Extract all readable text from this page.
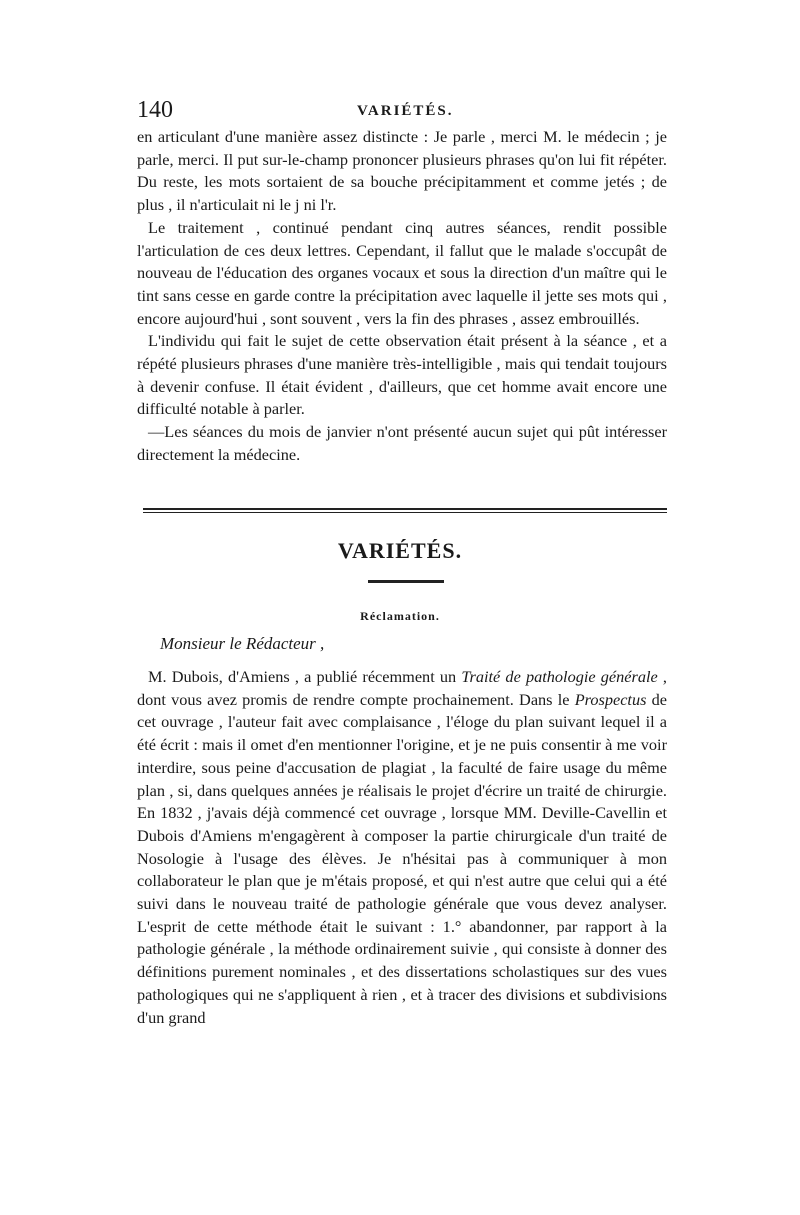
140	VARIÉTÉS.

en articulant d'une manière assez distincte : Je parle , merci M. le médecin ; je parle, merci. Il put sur-le-champ prononcer plusieurs phrases qu'on lui fit répéter. Du reste, les mots sortaient de sa bouche précipitamment et comme jetés ; de plus , il n'articulait ni le j ni l'r.

Le traitement , continué pendant cinq autres séances, rendit possible l'articulation de ces deux lettres. Cependant, il fallut que le malade s'occupât de nouveau de l'éducation des organes vocaux et sous la direction d'un maître qui le tint sans cesse en garde contre la précipitation avec laquelle il jette ses mots qui , encore aujourd'hui , sont souvent , vers la fin des phrases , assez embrouillés.

L'individu qui fait le sujet de cette observation était présent à la séance , et a répété plusieurs phrases d'une manière très-intelligible , mais qui tendait toujours à devenir confuse. Il était évident , d'ailleurs, que cet homme avait encore une difficulté notable à parler.

—Les séances du mois de janvier n'ont présenté aucun sujet qui pût intéresser directement la médecine.

VARIÉTÉS.
Réclamation.
Monsieur le Rédacteur ,

M. Dubois, d'Amiens , a publié récemment un Traité de pathologie générale , dont vous avez promis de rendre compte prochainement. Dans le Prospectus de cet ouvrage , l'auteur fait avec complaisance , l'éloge du plan suivant lequel il a été écrit : mais il omet d'en mentionner l'origine, et je ne puis consentir à me voir interdire, sous peine d'accusation de plagiat , la faculté de faire usage du même plan , si, dans quelques années je réalisais le projet d'écrire un traité de chirurgie. En 1832 , j'avais déjà commencé cet ouvrage , lorsque MM. Deville-Cavellin et Dubois d'Amiens m'engagèrent à composer la partie chirurgicale d'un traité de Nosologie à l'usage des élèves. Je n'hésitai pas à communiquer à mon collaborateur le plan que je m'étais proposé, et qui n'est autre que celui qui a été suivi dans le nouveau traité de pathologie générale que vous devez analyser. L'esprit de cette méthode était le suivant : 1.° abandonner, par rapport à la pathologie générale , la méthode ordinairement suivie , qui consiste à donner des définitions purement nominales , et des dissertations scholastiques sur des vues pathologiques qui ne s'appliquent à rien , et à tracer des divisions et subdivisions d'un grand
